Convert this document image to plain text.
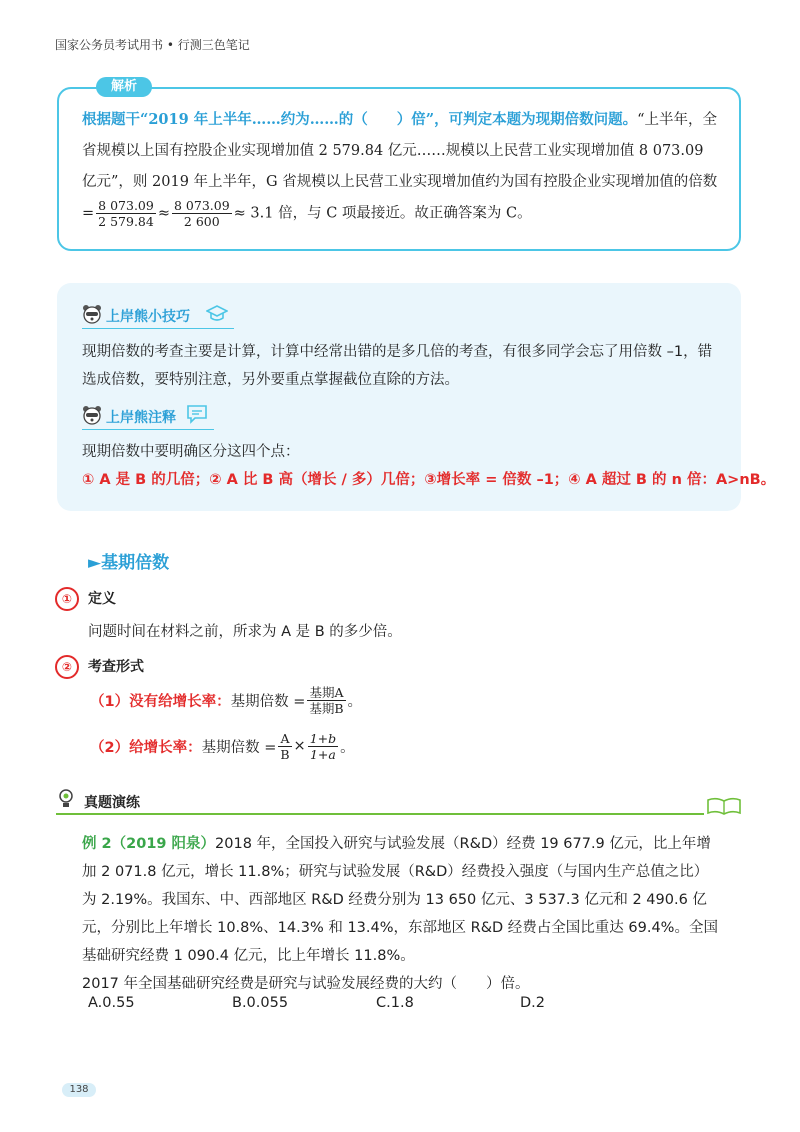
国家公务员考试用书 • 行测三色笔记
解析
根据题干“2019 年上半年……约为……的（　　）倍”，可判定本题为现期倍数问题。“上半年，全省规模以上国有控股企业实现增加值 2 579.84 亿元……规模以上民营工业实现增加值 8 073.09 亿元”，则 2019 年上半年，G 省规模以上民营工业实现增加值约为国有控股企业实现增加值的倍数= $\frac{8 073.09}{2 579.84} \approx \frac{8 073.09}{2 600} \approx 3.1$ 倍，与 C 项最接近。故正确答案为 C。
上岸熊小技巧
现期倍数的考查主要是计算，计算中经常出错的是多几倍的考查，有很多同学会忘了用倍数 –1，错选成倍数，要特别注意，另外要重点掌握截位直除的方法。
上岸熊注释
现期倍数中要明确区分这四个点：
① A 是 B 的几倍；② A 比 B 高（增长 / 多）几倍；③增长率 = 倍数 –1；④ A 超过 B 的 n 倍：A>nB。
►基期倍数
①	定义
问题时间在材料之前，所求为 A 是 B 的多少倍。
②	考查形式
（1）没有给增长率： 基期倍数 = $\frac{\text{基期A}}{\text{基期B}}$ 。
（2）给增长率： 基期倍数 = $\frac{A}{B} \times \frac{1+b}{1+a}$ 。
真题演练
例 2（2019 阳泉）2018 年，全国投入研究与试验发展（R&D）经费 19 677.9 亿元，比上年增加 2 071.8 亿元，增长 11.8%；研究与试验发展（R&D）经费投入强度（与国内生产总值之比）为 2.19%。我国东、中、西部地区 R&D 经费分别为 13 650 亿元、3 537.3 亿元和 2 490.6 亿元，分别比上年增长 10.8%、14.3% 和 13.4%，东部地区 R&D 经费占全国比重达 69.4%。全国基础研究经费 1 090.4 亿元，比上年增长 11.8%。
2017 年全国基础研究经费是研究与试验发展经费的大约（　　）倍。
A.0.55	B.0.055	C.1.8	D.2
138
